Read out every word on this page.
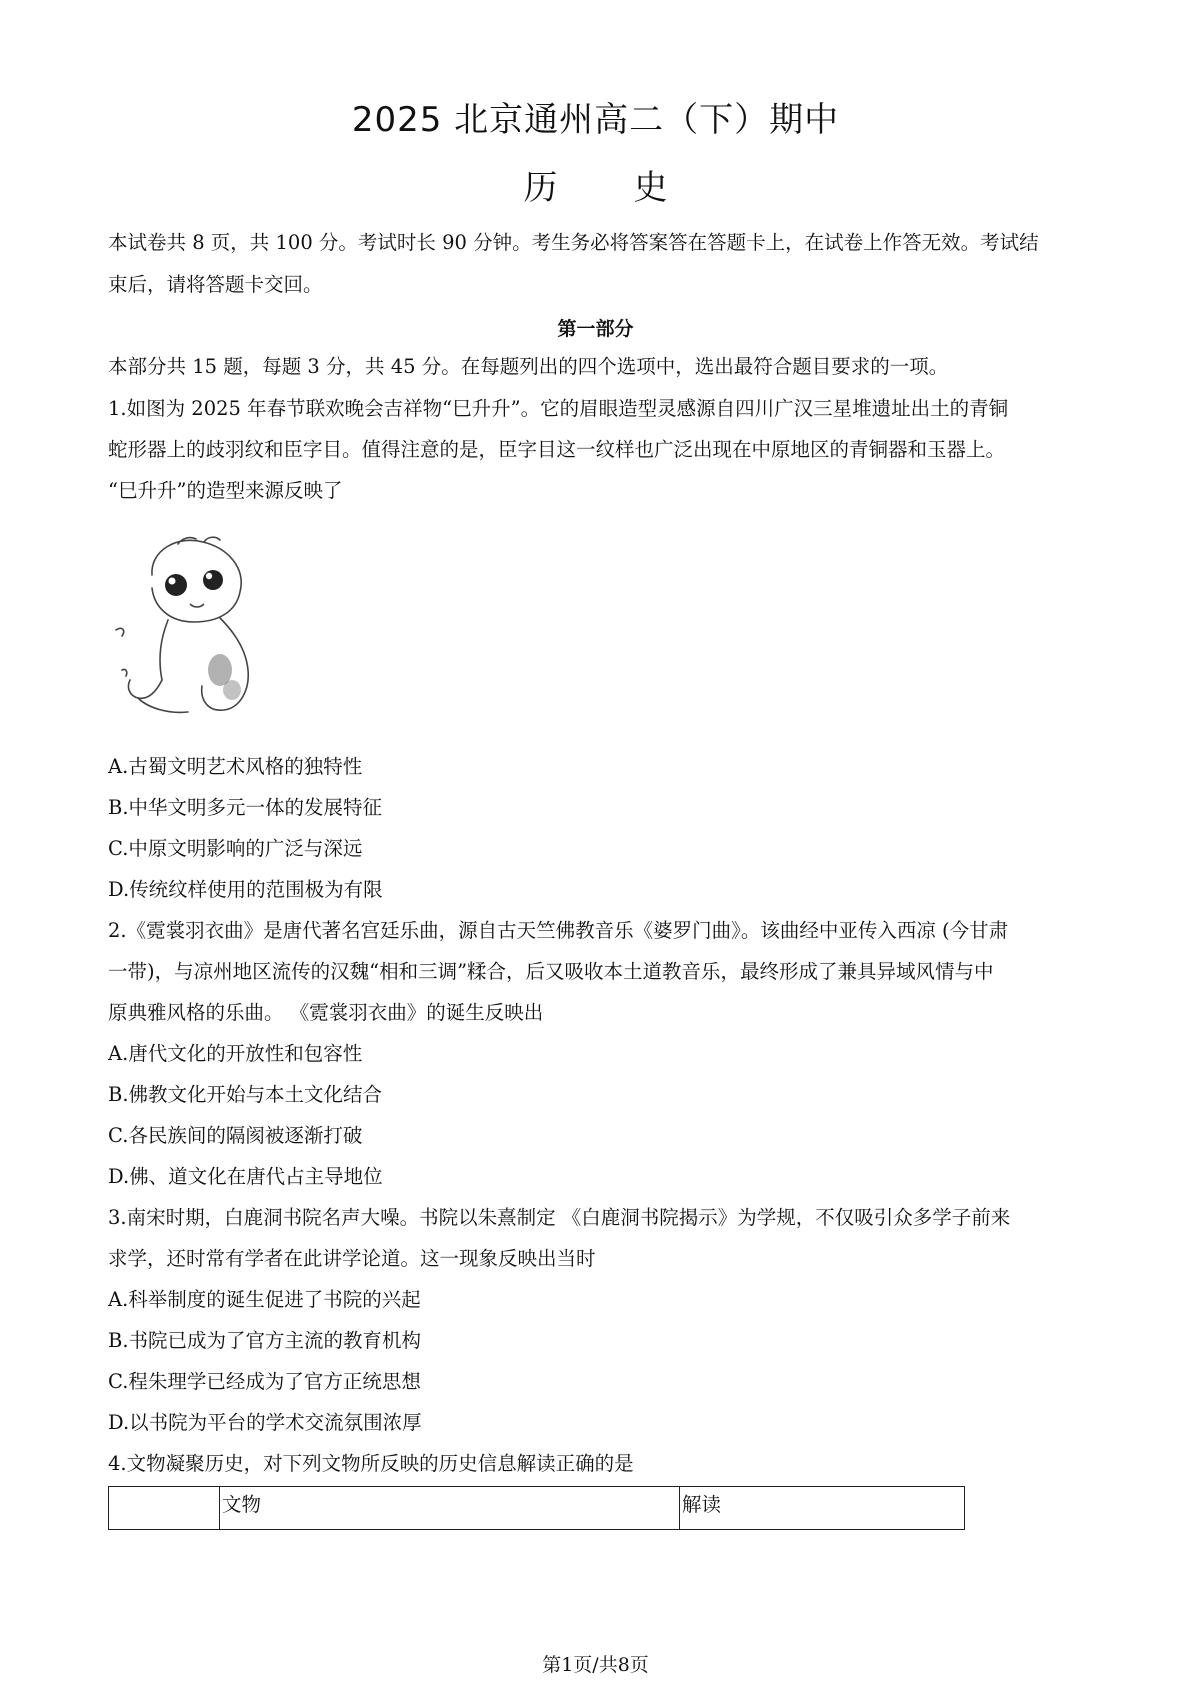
2025 北京通州高二（下）期中
历 史
本试卷共 8 页，共 100 分。考试时长 90 分钟。考生务必将答案答在答题卡上，在试卷上作答无效。考试结
束后，请将答题卡交回。
第一部分
本部分共 15 题，每题 3 分，共 45 分。在每题列出的四个选项中，选出最符合题目要求的一项。
1.如图为 2025 年春节联欢晚会吉祥物“巳升升”。它的眉眼造型灵感源自四川广汉三星堆遗址出土的青铜
蛇形器上的歧羽纹和臣字目。值得注意的是，臣字目这一纹样也广泛出现在中原地区的青铜器和玉器上。
“巳升升”的造型来源反映了
A.古蜀文明艺术风格的独特性
B.中华文明多元一体的发展特征
C.中原文明影响的广泛与深远
D.传统纹样使用的范围极为有限
2.《霓裳羽衣曲》是唐代著名宫廷乐曲，源自古天竺佛教音乐《婆罗门曲》。该曲经中亚传入西凉 (今甘肃
一带)，与凉州地区流传的汉魏“相和三调”糅合，后又吸收本土道教音乐，最终形成了兼具异域风情与中
原典雅风格的乐曲。 《霓裳羽衣曲》的诞生反映出
A.唐代文化的开放性和包容性
B.佛教文化开始与本土文化结合
C.各民族间的隔阂被逐渐打破
D.佛、道文化在唐代占主导地位
3.南宋时期，白鹿洞书院名声大噪。书院以朱熹制定 《白鹿洞书院揭示》为学规，不仅吸引众多学子前来
求学，还时常有学者在此讲学论道。这一现象反映出当时
A.科举制度的诞生促进了书院的兴起
B.书院已成为了官方主流的教育机构
C.程朱理学已经成为了官方正统思想
D.以书院为平台的学术交流氛围浓厚
4.文物凝聚历史，对下列文物所反映的历史信息解读正确的是
	文物	解读
第1页/共8页
